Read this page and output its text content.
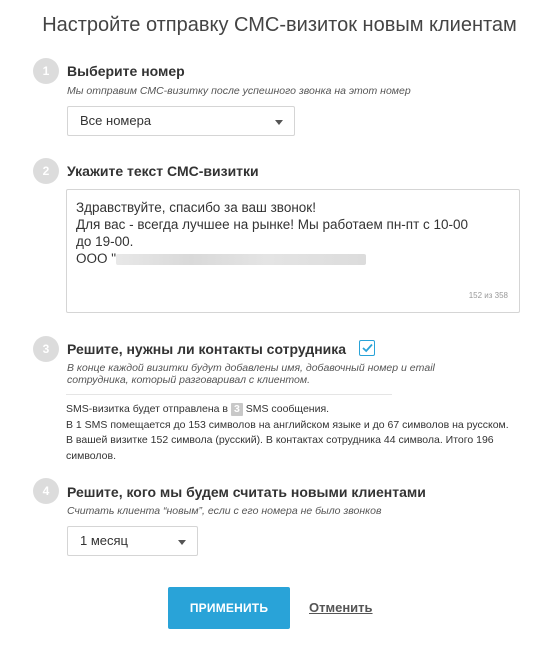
Настройте отправку СМС-визиток новым клиентам
1	Выберите номер
Мы отправим СМС-визитку после успешного звонка на этот номер
Все номера
2	Укажите текст СМС-визитки
Здравствуйте, спасибо за ваш звонок!
Для вас - всегда лучшее на рынке! Мы работаем пн-пт с 10-00
до 19-00.
ООО "
152 из 358
3	Решите, нужны ли контакты сотрудника
В конце каждой визитки будут добавлены имя, добавочный номер и email
сотрудника, который разговаривал с клиентом.
SMS-визитка будет отправлена в 3 SMS сообщения.
В 1 SMS помещается до 153 символов на английском языке и до 67 символов на русском.
В вашей визитке 152 символа (русский). В контактах сотрудника 44 символа. Итого 196
символов.
4	Решите, кого мы будем считать новыми клиентами
Считать клиента “новым”, если с его номера не было звонков
1 месяц
ПРИМЕНИТЬ	Отменить
